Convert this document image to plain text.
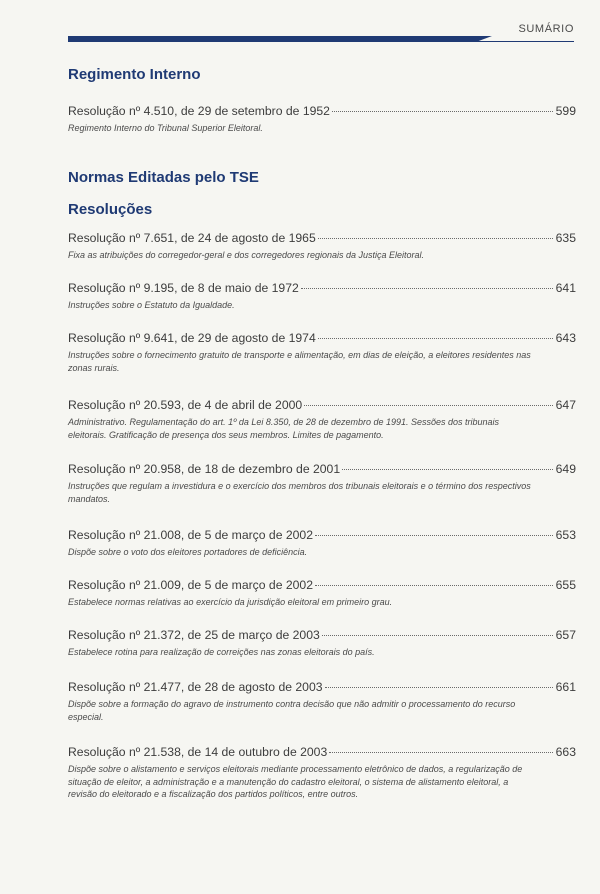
SUMÁRIO
Regimento Interno
Resolução nº 4.510, de 29 de setembro de 1952	599
Regimento Interno do Tribunal Superior Eleitoral.
Normas Editadas pelo TSE
Resoluções
Resolução nº 7.651, de 24 de agosto de 1965	635
Fixa as atribuições do corregedor-geral e dos corregedores regionais da Justiça Eleitoral.
Resolução nº 9.195, de 8 de maio de 1972	641
Instruções sobre o Estatuto da Igualdade.
Resolução nº 9.641, de 29 de agosto de 1974	643
Instruções sobre o fornecimento gratuito de transporte e alimentação, em dias de eleição, a eleitores residentes nas zonas rurais.
Resolução nº 20.593, de 4 de abril de 2000	647
Administrativo. Regulamentação do art. 1º da Lei 8.350, de 28 de dezembro de 1991. Sessões dos tribunais eleitorais. Gratificação de presença dos seus membros. Limites de pagamento.
Resolução nº 20.958, de 18 de dezembro de 2001	649
Instruções que regulam a investidura e o exercício dos membros dos tribunais eleitorais e o término dos respectivos mandatos.
Resolução nº 21.008, de 5 de março de 2002	653
Dispõe sobre o voto dos eleitores portadores de deficiência.
Resolução nº 21.009, de 5 de março de 2002	655
Estabelece normas relativas ao exercício da jurisdição eleitoral em primeiro grau.
Resolução nº 21.372, de 25 de março de 2003	657
Estabelece rotina para realização de correições nas zonas eleitorais do país.
Resolução nº 21.477, de 28 de agosto de 2003	661
Dispõe sobre a formação do agravo de instrumento contra decisão que não admitir o processamento do recurso especial.
Resolução nº 21.538, de 14 de outubro de 2003	663
Dispõe sobre o alistamento e serviços eleitorais mediante processamento eletrônico de dados, a regularização de situação de eleitor, a administração e a manutenção do cadastro eleitoral, o sistema de alistamento eleitoral, a revisão do eleitorado e a fiscalização dos partidos políticos, entre outros.
